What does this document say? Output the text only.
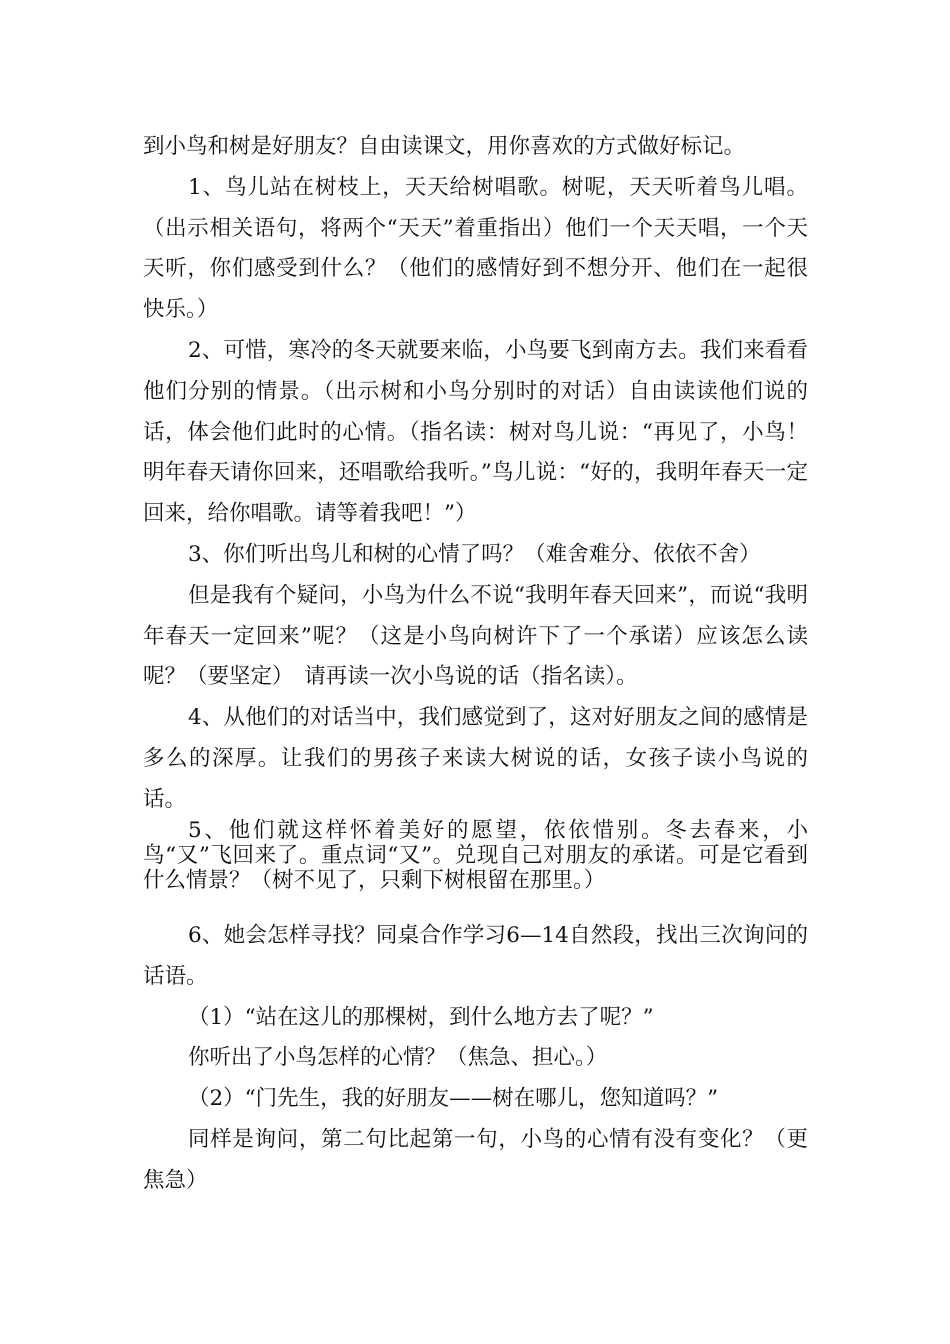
到小鸟和树是好朋友？自由读课文，用你喜欢的方式做好标记。

1、鸟儿站在树枝上，天天给树唱歌。树呢，天天听着鸟儿唱。（出示相关语句，将两个“天天”着重指出）他们一个天天唱，一个天天听，你们感受到什么？（他们的感情好到不想分开、他们在一起很快乐。）

2、可惜，寒冷的冬天就要来临，小鸟要飞到南方去。我们来看看他们分别的情景。（出示树和小鸟分别时的对话）自由读读他们说的话，体会他们此时的心情。（指名读：树对鸟儿说：“再见了，小鸟！明年春天请你回来，还唱歌给我听。”鸟儿说：“好的，我明年春天一定回来，给你唱歌。请等着我吧！”）

3、你们听出鸟儿和树的心情了吗？（难舍难分、依依不舍）

但是我有个疑问，小鸟为什么不说“我明年春天回来”，而说“我明年春天一定回来”呢？（这是小鸟向树许下了一个承诺）应该怎么读呢？（要坚定）　请再读一次小鸟说的话（指名读）。

4、从他们的对话当中，我们感觉到了，这对好朋友之间的感情是多么的深厚。让我们的男孩子来读大树说的话，女孩子读小鸟说的话。

5、他们就这样怀着美好的愿望，依依惜别。冬去春来，小鸟“又”飞回来了。重点词“又”。兑现自己对朋友的承诺。可是它看到什么情景？（树不见了，只剩下树根留在那里。）

6、她会怎样寻找？同桌合作学习6—14自然段，找出三次询问的话语。

（1）“站在这儿的那棵树，到什么地方去了呢？”

你听出了小鸟怎样的心情？（焦急、担心。）

（2）“门先生，我的好朋友——树在哪儿，您知道吗？”

同样是询问，第二句比起第一句，小鸟的心情有没有变化？（更焦急）
